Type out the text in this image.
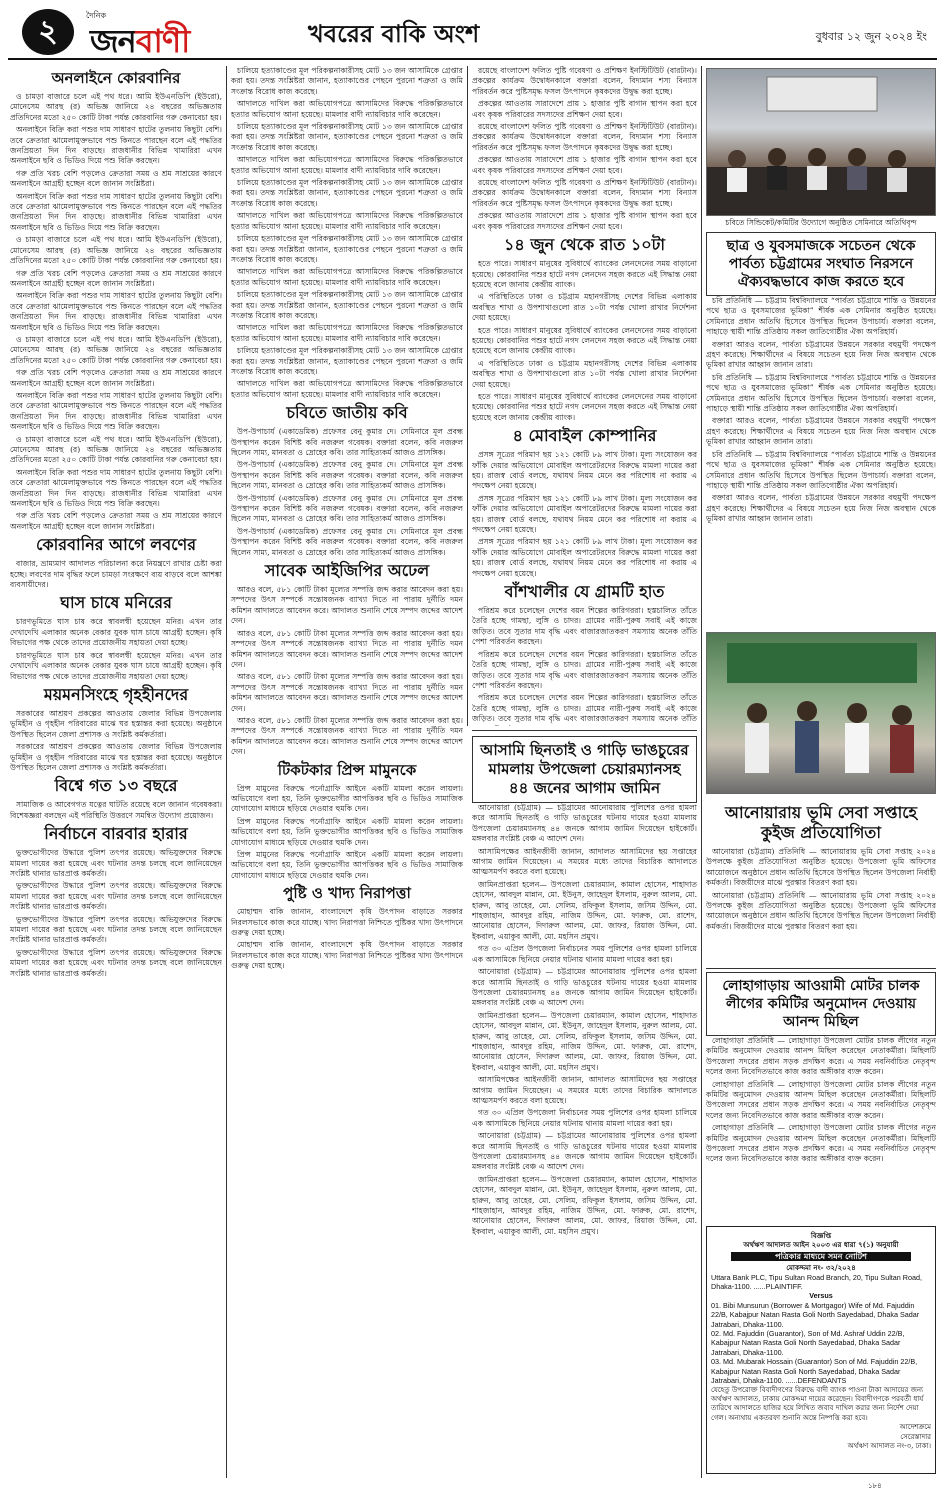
২	দৈনিক
জনবাণী	খবরের বাকি অংশ	বুধবার ১২ জুন ২০২৪ ইং
অনলাইনে কোরবানির

ও চামড়া বাজারে চলে এই পথ ধরে। আমি ইউএনডিপি (ইউরো), মোনেসেম আরছ (র) অভিজ্ঞ জানিয়ে ২৪ বছরের অভিজ্ঞতায় প্রতিদিনের মতো ২৫০ কোটি টাকা পর্যন্ত কোরবানির গরু কেনাবেচা হয়।

অনলাইনে বিক্রি করা পশুর দাম সাধারণ হাটের তুলনায় কিছুটা বেশি। তবে ক্রেতারা ঝামেলামুক্তভাবে পশু কিনতে পারছেন বলে এই পদ্ধতির জনপ্রিয়তা দিন দিন বাড়ছে। রাজধানীর বিভিন্ন খামারিরা এখন অনলাইনে ছবি ও ভিডিও দিয়ে পশু বিক্রি করছেন।

গরু প্রতি খরচ বেশি পড়লেও ক্রেতারা সময় ও শ্রম সাশ্রয়ের কারণে অনলাইনে আগ্রহী হচ্ছেন বলে জানান সংশ্লিষ্টরা।

অনলাইনে বিক্রি করা পশুর দাম সাধারণ হাটের তুলনায় কিছুটা বেশি। তবে ক্রেতারা ঝামেলামুক্তভাবে পশু কিনতে পারছেন বলে এই পদ্ধতির জনপ্রিয়তা দিন দিন বাড়ছে। রাজধানীর বিভিন্ন খামারিরা এখন অনলাইনে ছবি ও ভিডিও দিয়ে পশু বিক্রি করছেন।

ও চামড়া বাজারে চলে এই পথ ধরে। আমি ইউএনডিপি (ইউরো), মোনেসেম আরছ (র) অভিজ্ঞ জানিয়ে ২৪ বছরের অভিজ্ঞতায় প্রতিদিনের মতো ২৫০ কোটি টাকা পর্যন্ত কোরবানির গরু কেনাবেচা হয়।

গরু প্রতি খরচ বেশি পড়লেও ক্রেতারা সময় ও শ্রম সাশ্রয়ের কারণে অনলাইনে আগ্রহী হচ্ছেন বলে জানান সংশ্লিষ্টরা।

অনলাইনে বিক্রি করা পশুর দাম সাধারণ হাটের তুলনায় কিছুটা বেশি। তবে ক্রেতারা ঝামেলামুক্তভাবে পশু কিনতে পারছেন বলে এই পদ্ধতির জনপ্রিয়তা দিন দিন বাড়ছে। রাজধানীর বিভিন্ন খামারিরা এখন অনলাইনে ছবি ও ভিডিও দিয়ে পশু বিক্রি করছেন।

ও চামড়া বাজারে চলে এই পথ ধরে। আমি ইউএনডিপি (ইউরো), মোনেসেম আরছ (র) অভিজ্ঞ জানিয়ে ২৪ বছরের অভিজ্ঞতায় প্রতিদিনের মতো ২৫০ কোটি টাকা পর্যন্ত কোরবানির গরু কেনাবেচা হয়।

গরু প্রতি খরচ বেশি পড়লেও ক্রেতারা সময় ও শ্রম সাশ্রয়ের কারণে অনলাইনে আগ্রহী হচ্ছেন বলে জানান সংশ্লিষ্টরা।

অনলাইনে বিক্রি করা পশুর দাম সাধারণ হাটের তুলনায় কিছুটা বেশি। তবে ক্রেতারা ঝামেলামুক্তভাবে পশু কিনতে পারছেন বলে এই পদ্ধতির জনপ্রিয়তা দিন দিন বাড়ছে। রাজধানীর বিভিন্ন খামারিরা এখন অনলাইনে ছবি ও ভিডিও দিয়ে পশু বিক্রি করছেন।

ও চামড়া বাজারে চলে এই পথ ধরে। আমি ইউএনডিপি (ইউরো), মোনেসেম আরছ (র) অভিজ্ঞ জানিয়ে ২৪ বছরের অভিজ্ঞতায় প্রতিদিনের মতো ২৫০ কোটি টাকা পর্যন্ত কোরবানির গরু কেনাবেচা হয়।

অনলাইনে বিক্রি করা পশুর দাম সাধারণ হাটের তুলনায় কিছুটা বেশি। তবে ক্রেতারা ঝামেলামুক্তভাবে পশু কিনতে পারছেন বলে এই পদ্ধতির জনপ্রিয়তা দিন দিন বাড়ছে। রাজধানীর বিভিন্ন খামারিরা এখন অনলাইনে ছবি ও ভিডিও দিয়ে পশু বিক্রি করছেন।

গরু প্রতি খরচ বেশি পড়লেও ক্রেতারা সময় ও শ্রম সাশ্রয়ের কারণে অনলাইনে আগ্রহী হচ্ছেন বলে জানান সংশ্লিষ্টরা।

কোরবানির আগে লবণের

বাজার, ভ্রাম্যমাণ আদালত পরিচালনা করে নিয়ন্ত্রণে রাখার চেষ্টা করা হচ্ছে। লবণের দাম বৃদ্ধির ফলে চামড়া সংরক্ষণে ব্যয় বাড়বে বলে আশঙ্কা ব্যবসায়ীদের।

ঘাস চাষে মনিরের

চারণভূমিতে ঘাস চাষ করে স্বাবলম্বী হয়েছেন মনির। এখন তার দেখাদেখি এলাকার অনেক বেকার যুবক ঘাস চাষে আগ্রহী হচ্ছেন। কৃষি বিভাগের পক্ষ থেকে তাদের প্রয়োজনীয় সহায়তা দেয়া হচ্ছে।

চারণভূমিতে ঘাস চাষ করে স্বাবলম্বী হয়েছেন মনির। এখন তার দেখাদেখি এলাকার অনেক বেকার যুবক ঘাস চাষে আগ্রহী হচ্ছেন। কৃষি বিভাগের পক্ষ থেকে তাদের প্রয়োজনীয় সহায়তা দেয়া হচ্ছে।

ময়মনসিংহে গৃহহীনদের

সরকারের আশ্রয়ণ প্রকল্পের আওতায় জেলার বিভিন্ন উপজেলায় ভূমিহীন ও গৃহহীন পরিবারের মাঝে ঘর হস্তান্তর করা হয়েছে। অনুষ্ঠানে উপস্থিত ছিলেন জেলা প্রশাসক ও সংশ্লিষ্ট কর্মকর্তারা।

সরকারের আশ্রয়ণ প্রকল্পের আওতায় জেলার বিভিন্ন উপজেলায় ভূমিহীন ও গৃহহীন পরিবারের মাঝে ঘর হস্তান্তর করা হয়েছে। অনুষ্ঠানে উপস্থিত ছিলেন জেলা প্রশাসক ও সংশ্লিষ্ট কর্মকর্তারা।

বিশ্বে গত ১৩ বছরে

সামাজিক ও আবেগগত যত্নের ঘাটতি রয়েছে বলে জানান গবেষকরা। বিশেষজ্ঞরা বলছেন এই পরিস্থিতি উত্তরণে সমন্বিত উদ্যোগ প্রয়োজন।

নির্বাচনে বারবার হারার

ভুক্তভোগীদের উদ্ধারে পুলিশ তৎপর রয়েছে। অভিযুক্তদের বিরুদ্ধে মামলা দায়ের করা হয়েছে এবং ঘটনার তদন্ত চলছে বলে জানিয়েছেন সংশ্লিষ্ট থানার ভারপ্রাপ্ত কর্মকর্তা।

ভুক্তভোগীদের উদ্ধারে পুলিশ তৎপর রয়েছে। অভিযুক্তদের বিরুদ্ধে মামলা দায়ের করা হয়েছে এবং ঘটনার তদন্ত চলছে বলে জানিয়েছেন সংশ্লিষ্ট থানার ভারপ্রাপ্ত কর্মকর্তা।

ভুক্তভোগীদের উদ্ধারে পুলিশ তৎপর রয়েছে। অভিযুক্তদের বিরুদ্ধে মামলা দায়ের করা হয়েছে এবং ঘটনার তদন্ত চলছে বলে জানিয়েছেন সংশ্লিষ্ট থানার ভারপ্রাপ্ত কর্মকর্তা।

ভুক্তভোগীদের উদ্ধারে পুলিশ তৎপর রয়েছে। অভিযুক্তদের বিরুদ্ধে মামলা দায়ের করা হয়েছে এবং ঘটনার তদন্ত চলছে বলে জানিয়েছেন সংশ্লিষ্ট থানার ভারপ্রাপ্ত কর্মকর্তা।

চালিয়ে হত্যাকাণ্ডের মূল পরিকল্পনাকারীসহ মোট ১৩ জন আসামিকে গ্রেপ্তার করা হয়। তদন্ত সংশ্লিষ্টরা জানান, হত্যাকাণ্ডের পেছনে পুরনো শত্রুতা ও জমি সংক্রান্ত বিরোধ কাজ করেছে।

আদালতে দাখিল করা অভিযোগপত্রে আসামিদের বিরুদ্ধে পরিকল্পিতভাবে হত্যার অভিযোগ আনা হয়েছে। মামলার বাদী ন্যায়বিচার দাবি করেছেন।

চালিয়ে হত্যাকাণ্ডের মূল পরিকল্পনাকারীসহ মোট ১৩ জন আসামিকে গ্রেপ্তার করা হয়। তদন্ত সংশ্লিষ্টরা জানান, হত্যাকাণ্ডের পেছনে পুরনো শত্রুতা ও জমি সংক্রান্ত বিরোধ কাজ করেছে।

আদালতে দাখিল করা অভিযোগপত্রে আসামিদের বিরুদ্ধে পরিকল্পিতভাবে হত্যার অভিযোগ আনা হয়েছে। মামলার বাদী ন্যায়বিচার দাবি করেছেন।

চালিয়ে হত্যাকাণ্ডের মূল পরিকল্পনাকারীসহ মোট ১৩ জন আসামিকে গ্রেপ্তার করা হয়। তদন্ত সংশ্লিষ্টরা জানান, হত্যাকাণ্ডের পেছনে পুরনো শত্রুতা ও জমি সংক্রান্ত বিরোধ কাজ করেছে।

আদালতে দাখিল করা অভিযোগপত্রে আসামিদের বিরুদ্ধে পরিকল্পিতভাবে হত্যার অভিযোগ আনা হয়েছে। মামলার বাদী ন্যায়বিচার দাবি করেছেন।

চালিয়ে হত্যাকাণ্ডের মূল পরিকল্পনাকারীসহ মোট ১৩ জন আসামিকে গ্রেপ্তার করা হয়। তদন্ত সংশ্লিষ্টরা জানান, হত্যাকাণ্ডের পেছনে পুরনো শত্রুতা ও জমি সংক্রান্ত বিরোধ কাজ করেছে।

আদালতে দাখিল করা অভিযোগপত্রে আসামিদের বিরুদ্ধে পরিকল্পিতভাবে হত্যার অভিযোগ আনা হয়েছে। মামলার বাদী ন্যায়বিচার দাবি করেছেন।

চালিয়ে হত্যাকাণ্ডের মূল পরিকল্পনাকারীসহ মোট ১৩ জন আসামিকে গ্রেপ্তার করা হয়। তদন্ত সংশ্লিষ্টরা জানান, হত্যাকাণ্ডের পেছনে পুরনো শত্রুতা ও জমি সংক্রান্ত বিরোধ কাজ করেছে।

আদালতে দাখিল করা অভিযোগপত্রে আসামিদের বিরুদ্ধে পরিকল্পিতভাবে হত্যার অভিযোগ আনা হয়েছে। মামলার বাদী ন্যায়বিচার দাবি করেছেন।

চালিয়ে হত্যাকাণ্ডের মূল পরিকল্পনাকারীসহ মোট ১৩ জন আসামিকে গ্রেপ্তার করা হয়। তদন্ত সংশ্লিষ্টরা জানান, হত্যাকাণ্ডের পেছনে পুরনো শত্রুতা ও জমি সংক্রান্ত বিরোধ কাজ করেছে।

আদালতে দাখিল করা অভিযোগপত্রে আসামিদের বিরুদ্ধে পরিকল্পিতভাবে হত্যার অভিযোগ আনা হয়েছে। মামলার বাদী ন্যায়বিচার দাবি করেছেন।

চবিতে জাতীয় কবি

উপ-উপাচার্য (একাডেমিক) প্রফেসর বেনু কুমার দে। সেমিনারে মূল প্রবন্ধ উপস্থাপন করেন বিশিষ্ট কবি নজরুল গবেষক। বক্তারা বলেন, কবি নজরুল ছিলেন সাম্য, মানবতা ও দ্রোহের কবি। তার সাহিত্যকর্ম আজও প্রাসঙ্গিক।

উপ-উপাচার্য (একাডেমিক) প্রফেসর বেনু কুমার দে। সেমিনারে মূল প্রবন্ধ উপস্থাপন করেন বিশিষ্ট কবি নজরুল গবেষক। বক্তারা বলেন, কবি নজরুল ছিলেন সাম্য, মানবতা ও দ্রোহের কবি। তার সাহিত্যকর্ম আজও প্রাসঙ্গিক।

উপ-উপাচার্য (একাডেমিক) প্রফেসর বেনু কুমার দে। সেমিনারে মূল প্রবন্ধ উপস্থাপন করেন বিশিষ্ট কবি নজরুল গবেষক। বক্তারা বলেন, কবি নজরুল ছিলেন সাম্য, মানবতা ও দ্রোহের কবি। তার সাহিত্যকর্ম আজও প্রাসঙ্গিক।

উপ-উপাচার্য (একাডেমিক) প্রফেসর বেনু কুমার দে। সেমিনারে মূল প্রবন্ধ উপস্থাপন করেন বিশিষ্ট কবি নজরুল গবেষক। বক্তারা বলেন, কবি নজরুল ছিলেন সাম্য, মানবতা ও দ্রোহের কবি। তার সাহিত্যকর্ম আজও প্রাসঙ্গিক।

সাবেক আইজিপির অঢেল

আরও বলে, ৫৮১ কোটি টাকা মূল্যের সম্পত্তি জব্দ করার আবেদন করা হয়। সম্পদের উৎস সম্পর্কে সন্তোষজনক ব্যাখ্যা দিতে না পারায় দুর্নীতি দমন কমিশন আদালতে আবেদন করে। আদালত শুনানি শেষে সম্পদ জব্দের আদেশ দেন।

আরও বলে, ৫৮১ কোটি টাকা মূল্যের সম্পত্তি জব্দ করার আবেদন করা হয়। সম্পদের উৎস সম্পর্কে সন্তোষজনক ব্যাখ্যা দিতে না পারায় দুর্নীতি দমন কমিশন আদালতে আবেদন করে। আদালত শুনানি শেষে সম্পদ জব্দের আদেশ দেন।

আরও বলে, ৫৮১ কোটি টাকা মূল্যের সম্পত্তি জব্দ করার আবেদন করা হয়। সম্পদের উৎস সম্পর্কে সন্তোষজনক ব্যাখ্যা দিতে না পারায় দুর্নীতি দমন কমিশন আদালতে আবেদন করে। আদালত শুনানি শেষে সম্পদ জব্দের আদেশ দেন।

আরও বলে, ৫৮১ কোটি টাকা মূল্যের সম্পত্তি জব্দ করার আবেদন করা হয়। সম্পদের উৎস সম্পর্কে সন্তোষজনক ব্যাখ্যা দিতে না পারায় দুর্নীতি দমন কমিশন আদালতে আবেদন করে। আদালত শুনানি শেষে সম্পদ জব্দের আদেশ দেন।

টিকটকার প্রিন্স মামুনকে

প্রিন্স মামুনের বিরুদ্ধে পর্নোগ্রাফি আইনে একটি মামলা করেন লায়লা। অভিযোগে বলা হয়, তিনি ভুক্তভোগীর আপত্তিকর ছবি ও ভিডিও সামাজিক যোগাযোগ মাধ্যমে ছড়িয়ে দেওয়ার হুমকি দেন।

প্রিন্স মামুনের বিরুদ্ধে পর্নোগ্রাফি আইনে একটি মামলা করেন লায়লা। অভিযোগে বলা হয়, তিনি ভুক্তভোগীর আপত্তিকর ছবি ও ভিডিও সামাজিক যোগাযোগ মাধ্যমে ছড়িয়ে দেওয়ার হুমকি দেন।

প্রিন্স মামুনের বিরুদ্ধে পর্নোগ্রাফি আইনে একটি মামলা করেন লায়লা। অভিযোগে বলা হয়, তিনি ভুক্তভোগীর আপত্তিকর ছবি ও ভিডিও সামাজিক যোগাযোগ মাধ্যমে ছড়িয়ে দেওয়ার হুমকি দেন।

পুষ্টি ও খাদ্য নিরাপত্তা

মোহাম্মদ বাকি জানান, বাংলাদেশে কৃষি উৎপাদন বাড়াতে সরকার নিরলসভাবে কাজ করে যাচ্ছে। খাদ্য নিরাপত্তা নিশ্চিতে পুষ্টিকর খাদ্য উৎপাদনে গুরুত্ব দেয়া হচ্ছে।

মোহাম্মদ বাকি জানান, বাংলাদেশে কৃষি উৎপাদন বাড়াতে সরকার নিরলসভাবে কাজ করে যাচ্ছে। খাদ্য নিরাপত্তা নিশ্চিতে পুষ্টিকর খাদ্য উৎপাদনে গুরুত্ব দেয়া হচ্ছে।

রয়েছে বাংলাদেশ ফলিত পুষ্টি গবেষণা ও প্রশিক্ষণ ইনস্টিটিউট (বারটান)। প্রকল্পের কার্যক্রম উদ্বোধনকালে বক্তারা বলেন, বিদ্যমান শস্য বিন্যাস পরিবর্তন করে পুষ্টিসমৃদ্ধ ফসল উৎপাদনে কৃষকদের উদ্বুদ্ধ করা হচ্ছে।

প্রকল্পের আওতায় সারাদেশে প্রায় ১ হাজার পুষ্টি বাগান স্থাপন করা হবে এবং কৃষক পরিবারের সদস্যদের প্রশিক্ষণ দেয়া হবে।

রয়েছে বাংলাদেশ ফলিত পুষ্টি গবেষণা ও প্রশিক্ষণ ইনস্টিটিউট (বারটান)। প্রকল্পের কার্যক্রম উদ্বোধনকালে বক্তারা বলেন, বিদ্যমান শস্য বিন্যাস পরিবর্তন করে পুষ্টিসমৃদ্ধ ফসল উৎপাদনে কৃষকদের উদ্বুদ্ধ করা হচ্ছে।

প্রকল্পের আওতায় সারাদেশে প্রায় ১ হাজার পুষ্টি বাগান স্থাপন করা হবে এবং কৃষক পরিবারের সদস্যদের প্রশিক্ষণ দেয়া হবে।

রয়েছে বাংলাদেশ ফলিত পুষ্টি গবেষণা ও প্রশিক্ষণ ইনস্টিটিউট (বারটান)। প্রকল্পের কার্যক্রম উদ্বোধনকালে বক্তারা বলেন, বিদ্যমান শস্য বিন্যাস পরিবর্তন করে পুষ্টিসমৃদ্ধ ফসল উৎপাদনে কৃষকদের উদ্বুদ্ধ করা হচ্ছে।

প্রকল্পের আওতায় সারাদেশে প্রায় ১ হাজার পুষ্টি বাগান স্থাপন করা হবে এবং কৃষক পরিবারের সদস্যদের প্রশিক্ষণ দেয়া হবে।

১৪ জুন থেকে রাত ১০টা

হতে পারে। সাধারণ মানুষের সুবিধার্থে ব্যাংকের লেনদেনের সময় বাড়ানো হয়েছে। কোরবানির পশুর হাটে নগদ লেনদেন সহজ করতে এই সিদ্ধান্ত নেয়া হয়েছে বলে জানায় কেন্দ্রীয় ব্যাংক।

এ পরিস্থিতিতে ঢাকা ও চট্টগ্রাম মহানগরীসহ দেশের বিভিন্ন এলাকায় অবস্থিত শাখা ও উপশাখাগুলো রাত ১০টা পর্যন্ত খোলা রাখার নির্দেশনা দেয়া হয়েছে।

হতে পারে। সাধারণ মানুষের সুবিধার্থে ব্যাংকের লেনদেনের সময় বাড়ানো হয়েছে। কোরবানির পশুর হাটে নগদ লেনদেন সহজ করতে এই সিদ্ধান্ত নেয়া হয়েছে বলে জানায় কেন্দ্রীয় ব্যাংক।

এ পরিস্থিতিতে ঢাকা ও চট্টগ্রাম মহানগরীসহ দেশের বিভিন্ন এলাকায় অবস্থিত শাখা ও উপশাখাগুলো রাত ১০টা পর্যন্ত খোলা রাখার নির্দেশনা দেয়া হয়েছে।

হতে পারে। সাধারণ মানুষের সুবিধার্থে ব্যাংকের লেনদেনের সময় বাড়ানো হয়েছে। কোরবানির পশুর হাটে নগদ লেনদেন সহজ করতে এই সিদ্ধান্ত নেয়া হয়েছে বলে জানায় কেন্দ্রীয় ব্যাংক।

৪ মোবাইল কোম্পানির

প্রসঙ্গ সূত্রের পরিমাণ ছয় ১২১ কোটি ৮৯ লাখ টাকা। মূল্য সংযোজন কর ফাঁকি দেয়ার অভিযোগে মোবাইল অপারেটরদের বিরুদ্ধে মামলা দায়ের করা হয়। রাজস্ব বোর্ড বলছে, যথাযথ নিয়ম মেনে কর পরিশোধ না করায় এ পদক্ষেপ নেয়া হয়েছে।

প্রসঙ্গ সূত্রের পরিমাণ ছয় ১২১ কোটি ৮৯ লাখ টাকা। মূল্য সংযোজন কর ফাঁকি দেয়ার অভিযোগে মোবাইল অপারেটরদের বিরুদ্ধে মামলা দায়ের করা হয়। রাজস্ব বোর্ড বলছে, যথাযথ নিয়ম মেনে কর পরিশোধ না করায় এ পদক্ষেপ নেয়া হয়েছে।

প্রসঙ্গ সূত্রের পরিমাণ ছয় ১২১ কোটি ৮৯ লাখ টাকা। মূল্য সংযোজন কর ফাঁকি দেয়ার অভিযোগে মোবাইল অপারেটরদের বিরুদ্ধে মামলা দায়ের করা হয়। রাজস্ব বোর্ড বলছে, যথাযথ নিয়ম মেনে কর পরিশোধ না করায় এ পদক্ষেপ নেয়া হয়েছে।

বাঁশখালীর যে গ্রামটি হাত

পরিশ্রম করে চলেছেন দেশের বয়ন শিল্পের কারিগররা। হস্তচালিত তাঁতে তৈরি হচ্ছে গামছা, লুঙ্গি ও চাদর। গ্রামের নারী-পুরুষ সবাই এই কাজে জড়িত। তবে সুতার দাম বৃদ্ধি এবং বাজারজাতকরণ সমস্যায় অনেক তাঁতি পেশা পরিবর্তন করছেন।

পরিশ্রম করে চলেছেন দেশের বয়ন শিল্পের কারিগররা। হস্তচালিত তাঁতে তৈরি হচ্ছে গামছা, লুঙ্গি ও চাদর। গ্রামের নারী-পুরুষ সবাই এই কাজে জড়িত। তবে সুতার দাম বৃদ্ধি এবং বাজারজাতকরণ সমস্যায় অনেক তাঁতি পেশা পরিবর্তন করছেন।

পরিশ্রম করে চলেছেন দেশের বয়ন শিল্পের কারিগররা। হস্তচালিত তাঁতে তৈরি হচ্ছে গামছা, লুঙ্গি ও চাদর। গ্রামের নারী-পুরুষ সবাই এই কাজে জড়িত। তবে সুতার দাম বৃদ্ধি এবং বাজারজাতকরণ সমস্যায় অনেক তাঁতি

চবিতে সিন্ডিকেট/কমিটির উদ্যোগে অনুষ্ঠিত সেমিনারে অতিথিবৃন্দ
ছাত্র ও যুবসমাজকে সচেতন থেকে পার্বত্য চট্টগ্রামের সংঘাত নিরসনে ঐক্যবদ্ধভাবে কাজ করতে হবে

চবি প্রতিনিধি — চট্টগ্রাম বিশ্ববিদ্যালয়ে “পার্বত্য চট্টগ্রামে শান্তি ও উন্নয়নের পথে ছাত্র ও যুবসমাজের ভূমিকা” শীর্ষক এক সেমিনার অনুষ্ঠিত হয়েছে। সেমিনারে প্রধান অতিথি হিসেবে উপস্থিত ছিলেন উপাচার্য। বক্তারা বলেন, পাহাড়ে স্থায়ী শান্তি প্রতিষ্ঠায় সকল জাতিগোষ্ঠীর ঐক্য অপরিহার্য।

বক্তারা আরও বলেন, পার্বত্য চট্টগ্রামের উন্নয়নে সরকার বহুমুখী পদক্ষেপ গ্রহণ করেছে। শিক্ষার্থীদের এ বিষয়ে সচেতন হয়ে নিজ নিজ অবস্থান থেকে ভূমিকা রাখার আহ্বান জানান তারা।

চবি প্রতিনিধি — চট্টগ্রাম বিশ্ববিদ্যালয়ে “পার্বত্য চট্টগ্রামে শান্তি ও উন্নয়নের পথে ছাত্র ও যুবসমাজের ভূমিকা” শীর্ষক এক সেমিনার অনুষ্ঠিত হয়েছে। সেমিনারে প্রধান অতিথি হিসেবে উপস্থিত ছিলেন উপাচার্য। বক্তারা বলেন, পাহাড়ে স্থায়ী শান্তি প্রতিষ্ঠায় সকল জাতিগোষ্ঠীর ঐক্য অপরিহার্য।

বক্তারা আরও বলেন, পার্বত্য চট্টগ্রামের উন্নয়নে সরকার বহুমুখী পদক্ষেপ গ্রহণ করেছে। শিক্ষার্থীদের এ বিষয়ে সচেতন হয়ে নিজ নিজ অবস্থান থেকে ভূমিকা রাখার আহ্বান জানান তারা।

চবি প্রতিনিধি — চট্টগ্রাম বিশ্ববিদ্যালয়ে “পার্বত্য চট্টগ্রামে শান্তি ও উন্নয়নের পথে ছাত্র ও যুবসমাজের ভূমিকা” শীর্ষক এক সেমিনার অনুষ্ঠিত হয়েছে। সেমিনারে প্রধান অতিথি হিসেবে উপস্থিত ছিলেন উপাচার্য। বক্তারা বলেন, পাহাড়ে স্থায়ী শান্তি প্রতিষ্ঠায় সকল জাতিগোষ্ঠীর ঐক্য অপরিহার্য।

বক্তারা আরও বলেন, পার্বত্য চট্টগ্রামের উন্নয়নে সরকার বহুমুখী পদক্ষেপ গ্রহণ করেছে। শিক্ষার্থীদের এ বিষয়ে সচেতন হয়ে নিজ নিজ অবস্থান থেকে ভূমিকা রাখার আহ্বান জানান তারা।

আনোয়ারায় ভূমি সেবা সপ্তাহে কুইজ প্রতিযোগিতা

আনোয়ারা (চট্টগ্রাম) প্রতিনিধি — আনোয়ারায় ভূমি সেবা সপ্তাহ ২০২৪ উপলক্ষে কুইজ প্রতিযোগিতা অনুষ্ঠিত হয়েছে। উপজেলা ভূমি অফিসের আয়োজনে অনুষ্ঠানে প্রধান অতিথি হিসেবে উপস্থিত ছিলেন উপজেলা নির্বাহী কর্মকর্তা। বিজয়ীদের মাঝে পুরস্কার বিতরণ করা হয়।

আনোয়ারা (চট্টগ্রাম) প্রতিনিধি — আনোয়ারায় ভূমি সেবা সপ্তাহ ২০২৪ উপলক্ষে কুইজ প্রতিযোগিতা অনুষ্ঠিত হয়েছে। উপজেলা ভূমি অফিসের আয়োজনে অনুষ্ঠানে প্রধান অতিথি হিসেবে উপস্থিত ছিলেন উপজেলা নির্বাহী কর্মকর্তা। বিজয়ীদের মাঝে পুরস্কার বিতরণ করা হয়।

লোহাগাড়ায় আওয়ামী মোটর চালক লীগের কমিটির অনুমোদন দেওয়ায় আনন্দ মিছিল

লোহাগাড়া প্রতিনিধি — লোহাগাড়া উপজেলা মোটর চালক লীগের নতুন কমিটির অনুমোদন দেওয়ায় আনন্দ মিছিল করেছেন নেতাকর্মীরা। মিছিলটি উপজেলা সদরের প্রধান সড়ক প্রদক্ষিণ করে। এ সময় নবনির্বাচিত নেতৃবৃন্দ দলের জন্য নিবেদিতভাবে কাজ করার অঙ্গীকার ব্যক্ত করেন।

লোহাগাড়া প্রতিনিধি — লোহাগাড়া উপজেলা মোটর চালক লীগের নতুন কমিটির অনুমোদন দেওয়ায় আনন্দ মিছিল করেছেন নেতাকর্মীরা। মিছিলটি উপজেলা সদরের প্রধান সড়ক প্রদক্ষিণ করে। এ সময় নবনির্বাচিত নেতৃবৃন্দ দলের জন্য নিবেদিতভাবে কাজ করার অঙ্গীকার ব্যক্ত করেন।

লোহাগাড়া প্রতিনিধি — লোহাগাড়া উপজেলা মোটর চালক লীগের নতুন কমিটির অনুমোদন দেওয়ায় আনন্দ মিছিল করেছেন নেতাকর্মীরা। মিছিলটি উপজেলা সদরের প্রধান সড়ক প্রদক্ষিণ করে। এ সময় নবনির্বাচিত নেতৃবৃন্দ দলের জন্য নিবেদিতভাবে কাজ করার অঙ্গীকার ব্যক্ত করেন।

বিজ্ঞপ্তি
অর্থঋণ আদালত আইন ২০০৩ এর ধারা ৭(১) অনুযায়ী
পত্রিকার মাধ্যমে সমন নোটিশ
মোকদ্দমা নং- ৩২/২০২৪
Uttara Bank PLC, Tipu Sultan Road Branch, 20, Tipu Sultan Road, Dhaka-1100. ......PLAINTIFF.
Versus
01. Bibi Munsurun (Borrower & Mortgagor) Wife of Md. Fajuddin 22/B, Kabajpur Natan Rasta Goli North Sayedabad, Dhaka Sadar Jatrabari, Dhaka-1100.
02. Md. Fajuddin (Guarantor), Son of Md. Ashraf Uddin 22/B, Kabajpur Natan Rasta Goli North Sayedabad, Dhaka Sadar Jatrabari, Dhaka-1100.
03. Md. Mubarak Hossain (Guarantor) Son of Md. Fajuddin 22/B, Kabajpur Natan Rasta Goli North Sayedabad, Dhaka Sadar Jatrabari, Dhaka-1100. ......DEFENDANTS
যেহেতু উপরোক্ত বিবাদীগণের বিরুদ্ধে বাদী ব্যাংক পাওনা টাকা আদায়ের জন্য অর্থঋণ আদালত, ঢাকায় মোকদ্দমা দায়ের করেছেন। বিবাদীগণকে পরবর্তী ধার্য তারিখে আদালতে হাজির হয়ে লিখিত জবাব দাখিল করার জন্য নির্দেশ দেয়া গেল। অন্যথায় একতরফা শুনানি অন্তে নিষ্পত্তি করা হবে।
আদেশক্রমে
সেরেস্তাদার
অর্থঋণ আদালত নং-৩, ঢাকা।
আসামি ছিনতাই ও গাড়ি ভাঙচুরের মামলায় উপজেলা চেয়ারম্যানসহ ৪৪ জনের আগাম জামিন

আনোয়ারা (চট্টগ্রাম) — চট্টগ্রামের আনোয়ারায় পুলিশের ওপর হামলা করে আসামি ছিনতাই ও গাড়ি ভাঙচুরের ঘটনায় দায়ের হওয়া মামলায় উপজেলা চেয়ারম্যানসহ ৪৪ জনকে আগাম জামিন দিয়েছেন হাইকোর্ট। মঙ্গলবার সংশ্লিষ্ট বেঞ্চ এ আদেশ দেন।

আসামিপক্ষের আইনজীবী জানান, আদালত আসামিদের ছয় সপ্তাহের আগাম জামিন দিয়েছেন। এ সময়ের মধ্যে তাদের বিচারিক আদালতে আত্মসমর্পণ করতে বলা হয়েছে।

জামিনপ্রাপ্তরা হলেন— উপজেলা চেয়ারম্যান, কামাল হোসেন, শাহাদাত হোসেন, আবদুল মান্নান, মো. ইউনুস, জাহেদুল ইসলাম, নুরুল আলম, মো. হারুন, আবু তাহের, মো. সেলিম, রফিকুল ইসলাম, জসিম উদ্দিন, মো. শাহজাহান, আবদুর রহিম, নাজিম উদ্দিন, মো. ফারুক, মো. রাশেদ, আনোয়ার হোসেন, দিদারুল আলম, মো. জাফর, রিয়াজ উদ্দিন, মো. ইকবাল, এয়াকুব আলী, মো. মহসিন প্রমুখ।

গত ৩০ এপ্রিল উপজেলা নির্বাচনের সময় পুলিশের ওপর হামলা চালিয়ে এক আসামিকে ছিনিয়ে নেয়ার ঘটনায় থানায় মামলা দায়ের করা হয়।

আনোয়ারা (চট্টগ্রাম) — চট্টগ্রামের আনোয়ারায় পুলিশের ওপর হামলা করে আসামি ছিনতাই ও গাড়ি ভাঙচুরের ঘটনায় দায়ের হওয়া মামলায় উপজেলা চেয়ারম্যানসহ ৪৪ জনকে আগাম জামিন দিয়েছেন হাইকোর্ট। মঙ্গলবার সংশ্লিষ্ট বেঞ্চ এ আদেশ দেন।

জামিনপ্রাপ্তরা হলেন— উপজেলা চেয়ারম্যান, কামাল হোসেন, শাহাদাত হোসেন, আবদুল মান্নান, মো. ইউনুস, জাহেদুল ইসলাম, নুরুল আলম, মো. হারুন, আবু তাহের, মো. সেলিম, রফিকুল ইসলাম, জসিম উদ্দিন, মো. শাহজাহান, আবদুর রহিম, নাজিম উদ্দিন, মো. ফারুক, মো. রাশেদ, আনোয়ার হোসেন, দিদারুল আলম, মো. জাফর, রিয়াজ উদ্দিন, মো. ইকবাল, এয়াকুব আলী, মো. মহসিন প্রমুখ।

আসামিপক্ষের আইনজীবী জানান, আদালত আসামিদের ছয় সপ্তাহের আগাম জামিন দিয়েছেন। এ সময়ের মধ্যে তাদের বিচারিক আদালতে আত্মসমর্পণ করতে বলা হয়েছে।

গত ৩০ এপ্রিল উপজেলা নির্বাচনের সময় পুলিশের ওপর হামলা চালিয়ে এক আসামিকে ছিনিয়ে নেয়ার ঘটনায় থানায় মামলা দায়ের করা হয়।

আনোয়ারা (চট্টগ্রাম) — চট্টগ্রামের আনোয়ারায় পুলিশের ওপর হামলা করে আসামি ছিনতাই ও গাড়ি ভাঙচুরের ঘটনায় দায়ের হওয়া মামলায় উপজেলা চেয়ারম্যানসহ ৪৪ জনকে আগাম জামিন দিয়েছেন হাইকোর্ট। মঙ্গলবার সংশ্লিষ্ট বেঞ্চ এ আদেশ দেন।

জামিনপ্রাপ্তরা হলেন— উপজেলা চেয়ারম্যান, কামাল হোসেন, শাহাদাত হোসেন, আবদুল মান্নান, মো. ইউনুস, জাহেদুল ইসলাম, নুরুল আলম, মো. হারুন, আবু তাহের, মো. সেলিম, রফিকুল ইসলাম, জসিম উদ্দিন, মো. শাহজাহান, আবদুর রহিম, নাজিম উদ্দিন, মো. ফারুক, মো. রাশেদ, আনোয়ার হোসেন, দিদারুল আলম, মো. জাফর, রিয়াজ উদ্দিন, মো. ইকবাল, এয়াকুব আলী, মো. মহসিন প্রমুখ।

১৮৪
